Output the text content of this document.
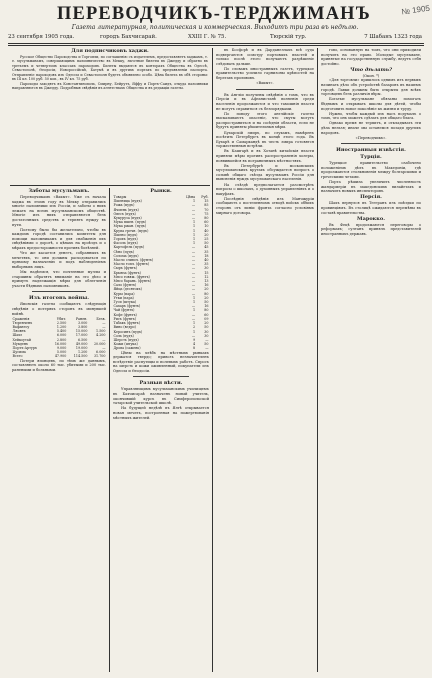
ПЕРЕВОДЧИКЪ-ТЕРДЖИМАНЪ	№ 1905
Газета литературная, политическая и коммерческая. Выходитъ три раза въ недѣлю.
23 сентября 1905 года.	городъ Бахчисарай.	XXIII Г. № 75.	Тюрскій тур.	7 Шабанъ 1323 года
Для подписчиковъ хаджи.
Русское Общество Пароходства и Торговли, по соглашенію съ издателемъ, предоставляетъ хаджамъ, т. е. мусульманамъ, совершающимъ паломничество въ Мекку, льготные билеты въ Джедду и обратно въ третьемъ и четвертомъ классахъ пароходовъ. Билеты выдаются въ конторахъ Общества въ Одессѣ, Севастополѣ, Ѳеодосіи, Новороссійскѣ, Батумѣ и въ другихъ портахъ по предъявленіи паспорта. Отправленіе пароходовъ изъ Одессы и Севастополя будетъ объявлено особо. Цѣна билета въ обѣ стороны: въ III кл. 100 руб. 50 коп., въ IV кл. 75 руб.
Пароходы заходятъ въ Константинополь, Смирну, Бейрутъ, Яффу и Портъ-Саидъ, откуда паломники направляются въ Джедду. Подробныя свѣдѣнія въ агентствахъ Общества и въ редакціи газеты.
Заботы мусульманъ.

Переводчикамъ «Вакыт». Уже съ начала хаджа въ этомъ году въ Мекку отправились многіе паломники изъ Россіи, и заботы о нихъ лежатъ на всемъ мусульманскомъ обществѣ. Многіе изъ нихъ отправляются безъ достаточныхъ средствъ и терпятъ нужду въ пути.

Поэтому было бы желательно, чтобы въ каждомъ городѣ составились комитеты для помощи паломникамъ и для снабженія ихъ свѣдѣніями о дорогѣ, о цѣнахъ на проѣздъ и о мѣрахъ предосторожности противъ болѣзней.

Что же касается денегъ, собранныхъ въ мечетяхъ, то они должны расходоваться по прямому назначенію и подъ наблюденіемъ выборныхъ лицъ.

Мы надѣемся, что почтенные муллы и старшины обратятъ вниманіе на это дѣло и примутъ надлежащія мѣры для облегченія участи бѣдныхъ паломниковъ.

Изъ итоговъ войны.

Японскія газеты сообщаютъ слѣдующія свѣдѣнія о потеряхъ сторонъ въ минувшей войнѣ.

Сраженія	Убит.	Ранен.	Безв.
Тюренченъ	2.500	3.000	—
Вафангоу	1.200	3.800	—
Ляоянъ	5.400	15.000	1.500
Шахэ	6.000	17.000	4.200
Хейкоутай	2.800	6.500	—
Мукденъ	16.000	49.000	20.000
Портъ-Артуръ	9.000	19.000	—
Цусима	5.000	1.200	6.000
Всего	47.900	114.500	31.700

Потери японцевъ, по тѣмъ же даннымъ, составляютъ около 60 тыс. убитыми и 200 тыс. ранеными и больными.

Рынки.
Товары	Цѣна	Руб.
Пшеница (пудъ)	1	15
Рожь (пудъ)	—	85
Ячмень (пудъ)	—	70
Овесъ (пудъ)	—	75
Кукуруза (пудъ)	—	80
Мука пшен. (пудъ)	1	60
Мука ржан. (пудъ)	1	10
Крупа гречн. (пудъ)	1	40
Пшено (пудъ)	1	20
Горохъ (пудъ)	1	25
Фасоль (пудъ)	1	50
Картофель (пудъ)	—	45
Сѣно (пудъ)	—	35
Солома (пудъ)	—	18
Масло сливоч. (фунтъ)	—	40
Масло топл. (фунтъ)	—	35
Сыръ (фунтъ)	—	30
Брынза (фунтъ)	—	15
Мясо говяж. (фунтъ)	—	12
Мясо барань. (фунтъ)	—	13
Сало (фунтъ)	—	16
Яйца (десятокъ)	—	20
Куры (пара)	—	80
Утки (пара)	1	20
Гуси (штука)	1	50
Сахаръ (фунтъ)	—	16
Чай (фунтъ)	1	80
Кофе (фунтъ)	—	60
Рисъ (фунтъ)	—	09
Табакъ (фунтъ)	1	20
Вино (ведро)	2	50
Керосинъ (пудъ)	1	30
Соль (пудъ)	—	30
Шерсть (пудъ)	9	—
Кожи (штука)	4	50
Дрова (сажень)	8	—

Цѣны на хлѣбъ на мѣстныхъ рынкахъ держатся твердо; привозъ незначителенъ вслѣдствіе распутицы и полевыхъ работъ. Спросъ на шерсть и кожи оживленный, покупатели изъ Одессы и Ѳеодосіи.

Разныя вѣсти.

Управляющимъ мусульманскимъ училищемъ въ Бахчисараѣ назначенъ новый учитель, окончившій курсъ въ Симферопольской татарской учительской школѣ.

На будущей недѣлѣ въ Ялтѣ открывается новая мечеть, построенная на пожертвованія мѣстныхъ жителей.

въ Босфорѣ и въ Дарданеллахъ всѣ суда подвергаются осмотру портовыхъ властей и только послѣ этого получаютъ разрѣшеніе слѣдовать дальше.

По словамъ иностранныхъ газетъ, турецкое правительство усилило гарнизоны крѣпостей на берегахъ проливовъ.

«Вакыт».

Въ Англіи получены свѣдѣнія о томъ, что въ Персіи и въ Афганистанѣ волненія среди населенія продолжаются и что тамошнія власти не могутъ справиться съ безпорядками.

По поводу этого англійскіе газеты высказываютъ опасеніе, что смуты могутъ распространиться и на сосѣднія области, если не будутъ приняты рѣшительныя мѣры.

Бухарскій эмиръ, по слухамъ, намѣренъ посѣтить Петербургъ въ концѣ этого года. Въ Бухарѣ и Самаркандѣ въ честь эмира готовятся торжественныя встрѣчи.

Въ Кашгарѣ и въ Хотанѣ китайскія власти приняли мѣры противъ распространенія холеры, появившейся въ пограничныхъ мѣстностяхъ.

Въ Петербургѣ и московскихъ мусульманскихъ кругахъ обсуждается вопросъ о созывѣ общаго съѣзда мусульманъ Россіи для выясненія нуждъ мусульманскаго населенія.

На съѣздѣ предполагается разсмотрѣть вопросы о школахъ, о духовныхъ управленіяхъ и о вакуфахъ.

Послѣднія свѣдѣнія изъ Манчжуріи сообщаютъ о постепенномъ отводѣ войскъ обѣихъ сторонъ отъ линіи фронта согласно условіямъ мирнаго договора.

гово, основанную на томъ, что они приходили получить на это право. Молодые мусульмане, принятые на государственную службу, ведутъ себя достойно.

Что дѣлать?
(Окон. *)

«Для торговли» пришлось однимъ изъ первыхъ начинать дѣло объ устройствѣ базаровъ въ нашемъ городѣ. Лавки должны быть открыты для всѣхъ торговцевъ безъ различія вѣры.

Богатые мусульмане обязаны помогать бѣднымъ и открывать школы для дѣтей, чтобы подготовить новое поколѣніе къ жизни и труду.

Нужно, чтобы каждый изъ насъ подумалъ о томъ, что онъ можетъ сдѣлать для общаго блага.

Однако время не терпитъ, и откладывать эти дѣла нельзя; иначе мы останемся позади другихъ народовъ.

«Переводчикъ».

Иностранныя извѣстія.
Турція.

Турецкое правительство озабочено положеніемъ дѣлъ въ Македоніи, гдѣ продолжаются столкновенія между болгарскими и греческими четами.

Порта рѣшила увеличить численность жандармеріи въ македонскихъ вилайетахъ и назначить новыхъ инспекторовъ.

Персія.

Шахъ вернулся въ Тегеранъ изъ поѣздки по провинціямъ. Въ столицѣ ожидаются перемѣны въ составѣ правительства.

Марокко.

Въ Фецѣ продолжаются переговоры о реформахъ; султанъ принялъ представителей иностранныхъ державъ.
